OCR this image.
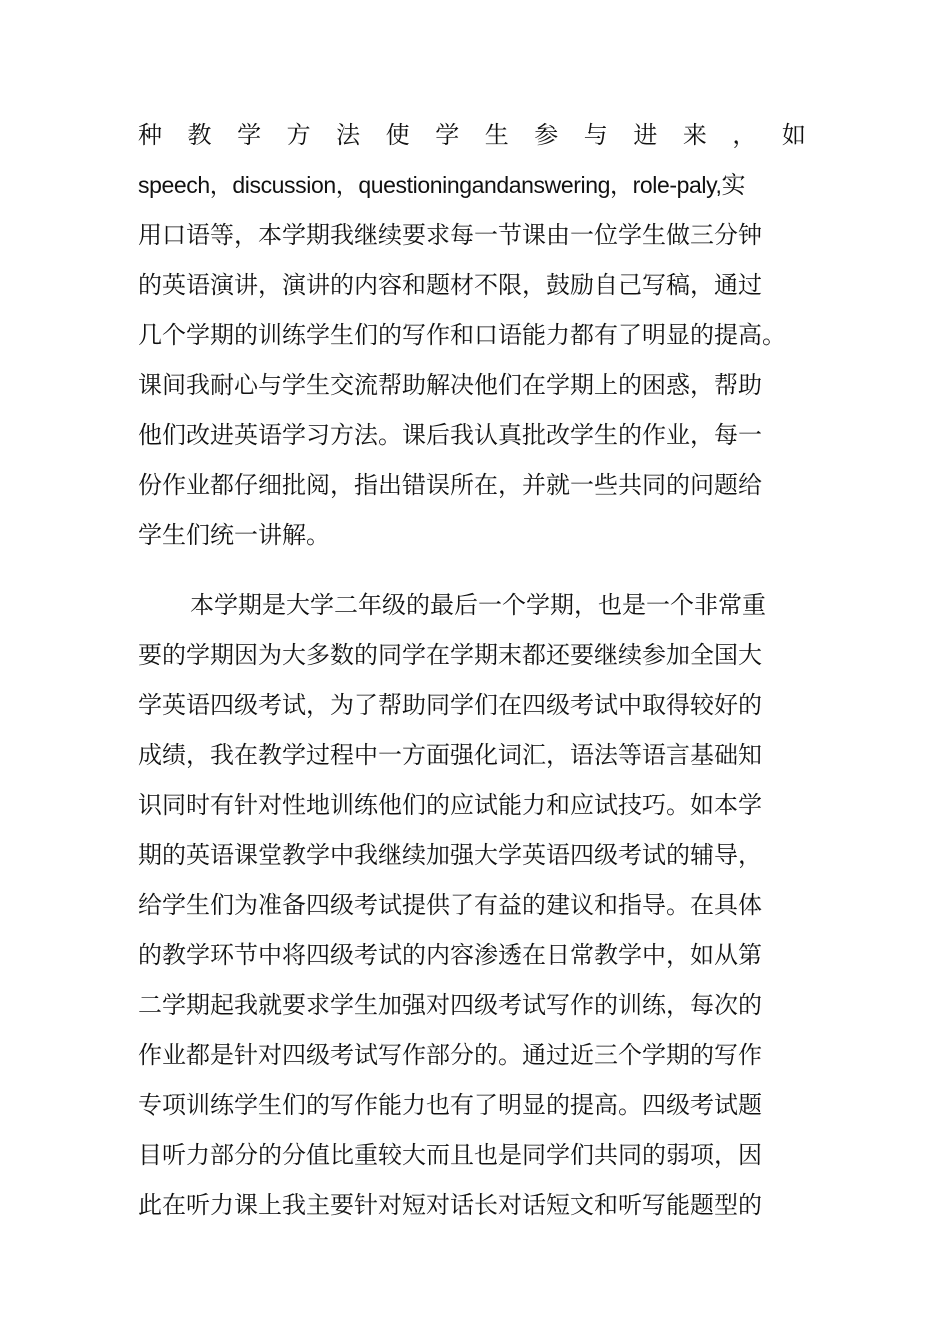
种 教 学 方 法 使 学 生 参 与 进 来 ， 如
speech，discussion，questioningandanswering，role-paly,实
用口语等，本学期我继续要求每一节课由一位学生做三分钟
的英语演讲，演讲的内容和题材不限，鼓励自己写稿，通过
几个学期的训练学生们的写作和口语能力都有了明显的提高。
课间我耐心与学生交流帮助解决他们在学期上的困惑，帮助
他们改进英语学习方法。课后我认真批改学生的作业，每一
份作业都仔细批阅，指出错误所在，并就一些共同的问题给
学生们统一讲解。
本学期是大学二年级的最后一个学期，也是一个非常重
要的学期因为大多数的同学在学期末都还要继续参加全国大
学英语四级考试，为了帮助同学们在四级考试中取得较好的
成绩，我在教学过程中一方面强化词汇，语法等语言基础知
识同时有针对性地训练他们的应试能力和应试技巧。如本学
期的英语课堂教学中我继续加强大学英语四级考试的辅导，
给学生们为准备四级考试提供了有益的建议和指导。在具体
的教学环节中将四级考试的内容渗透在日常教学中，如从第
二学期起我就要求学生加强对四级考试写作的训练，每次的
作业都是针对四级考试写作部分的。通过近三个学期的写作
专项训练学生们的写作能力也有了明显的提高。四级考试题
目听力部分的分值比重较大而且也是同学们共同的弱项，因
此在听力课上我主要针对短对话长对话短文和听写能题型的
